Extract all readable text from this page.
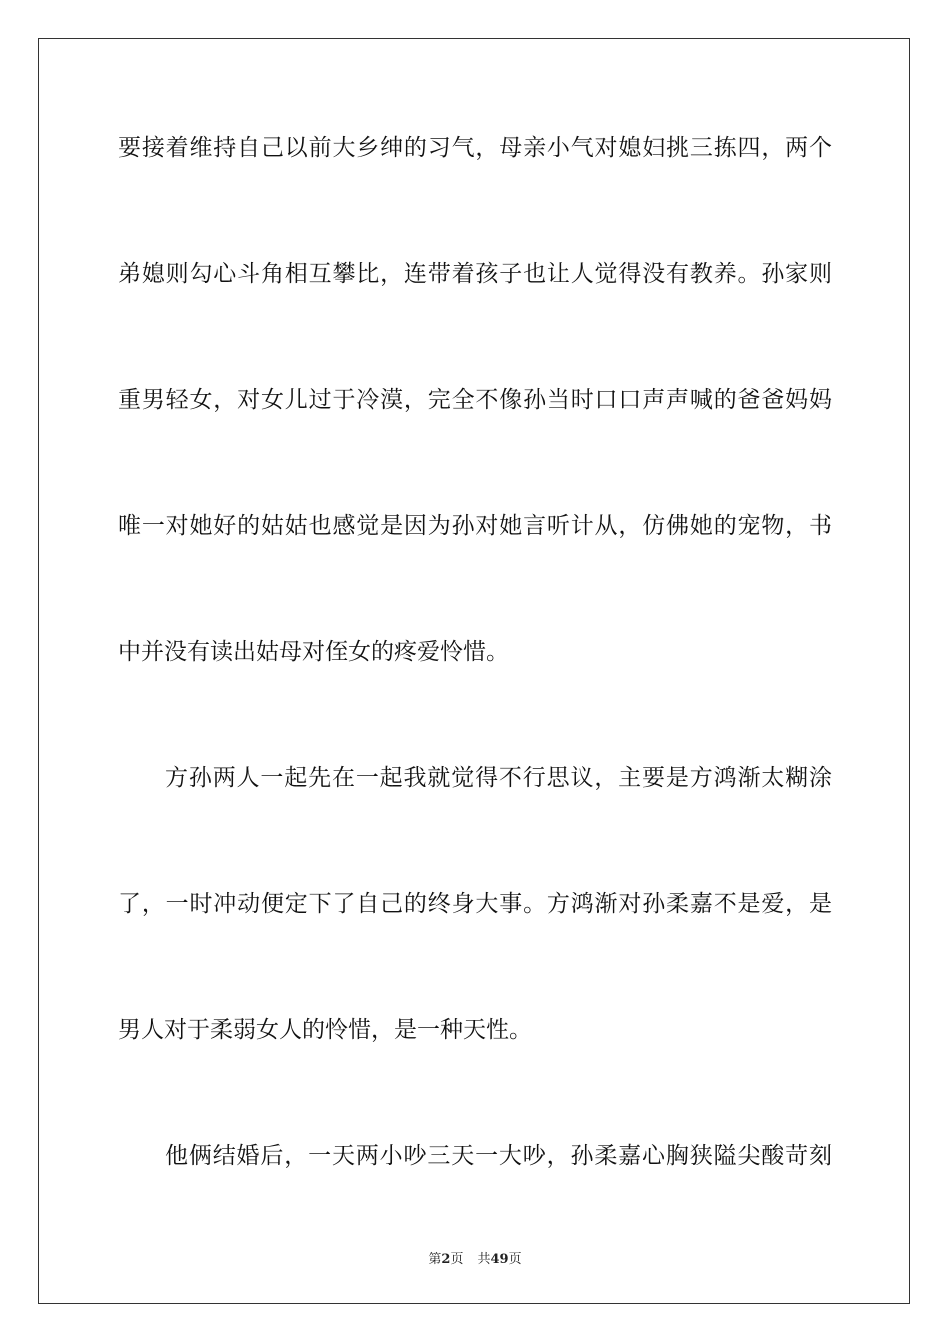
要接着维持自己以前大乡绅的习气，母亲小气对媳妇挑三拣四，两个
弟媳则勾心斗角相互攀比，连带着孩子也让人觉得没有教养。孙家则
重男轻女，对女儿过于冷漠，完全不像孙当时口口声声喊的爸爸妈妈
唯一对她好的姑姑也感觉是因为孙对她言听计从，仿佛她的宠物，书
中并没有读出姑母对侄女的疼爱怜惜。
方孙两人一起先在一起我就觉得不行思议，主要是方鸿渐太糊涂
了，一时冲动便定下了自己的终身大事。方鸿渐对孙柔嘉不是爱，是
男人对于柔弱女人的怜惜，是一种天性。
他俩结婚后，一天两小吵三天一大吵，孙柔嘉心胸狭隘尖酸苛刻
第2页 共49页
